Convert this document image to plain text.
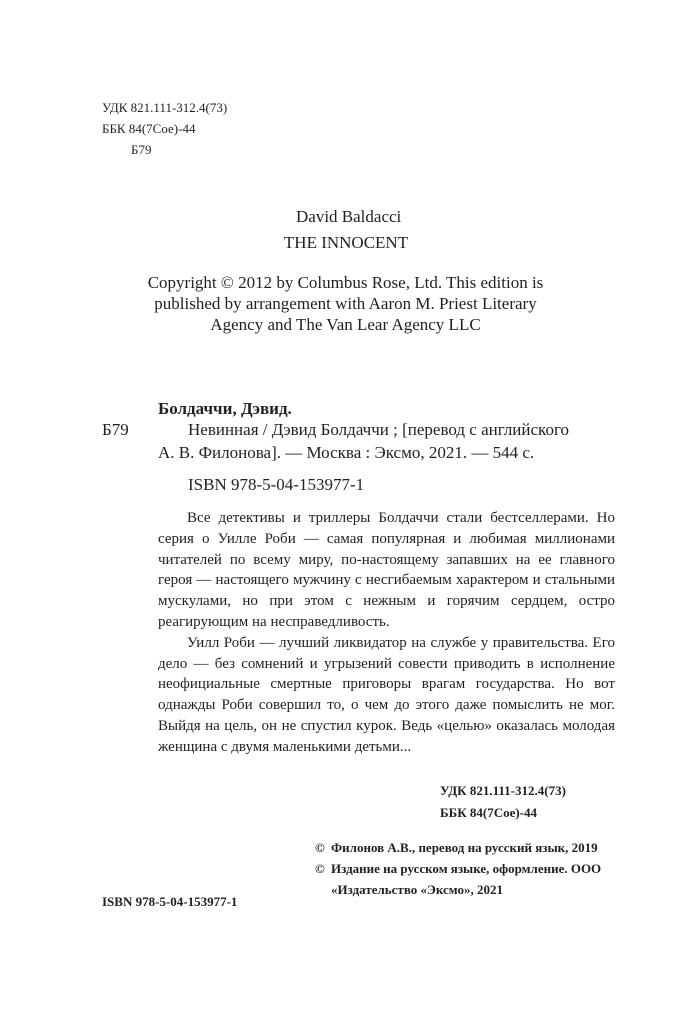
УДК 821.111-312.4(73)
ББК 84(7Сое)-44
Б79
David Baldacci
THE INNOCENT
Copyright © 2012 by Columbus Rose, Ltd. This edition is
published by arrangement with Aaron M. Priest Literary
Agency and The Van Lear Agency LLC
Болдаччи, Дэвид.
Б79	Невинная / Дэвид Болдаччи ; [перевод с английского
А. В. Филонова]. — Москва : Эксмо, 2021. — 544 с.
ISBN 978-5-04-153977-1

Все детективы и триллеры Болдаччи стали бестселлерами. Но серия о Уилле Роби — самая популярная и любимая миллионами читателей по всему миру, по-настоящему запавших на ее главного героя — настоящего мужчину с несгибаемым характером и стальными мускулами, но при этом с нежным и горячим сердцем, остро реагирующим на несправедливость.

Уилл Роби — лучший ликвидатор на службе у правительства. Его дело — без сомнений и угрызений совести приводить в исполнение неофициальные смертные приговоры врагам государства. Но вот однажды Роби совершил то, о чем до этого даже помыслить не мог. Выйдя на цель, он не спустил курок. Ведь «целью» оказалась молодая женщина с двумя маленькими детьми...

УДК 821.111-312.4(73)
ББК 84(7Сое)-44
© Филонов А.В., перевод на русский язык, 2019
© Издание на русском языке, оформление. ООО «Издательство «Эксмо», 2021
ISBN 978-5-04-153977-1
